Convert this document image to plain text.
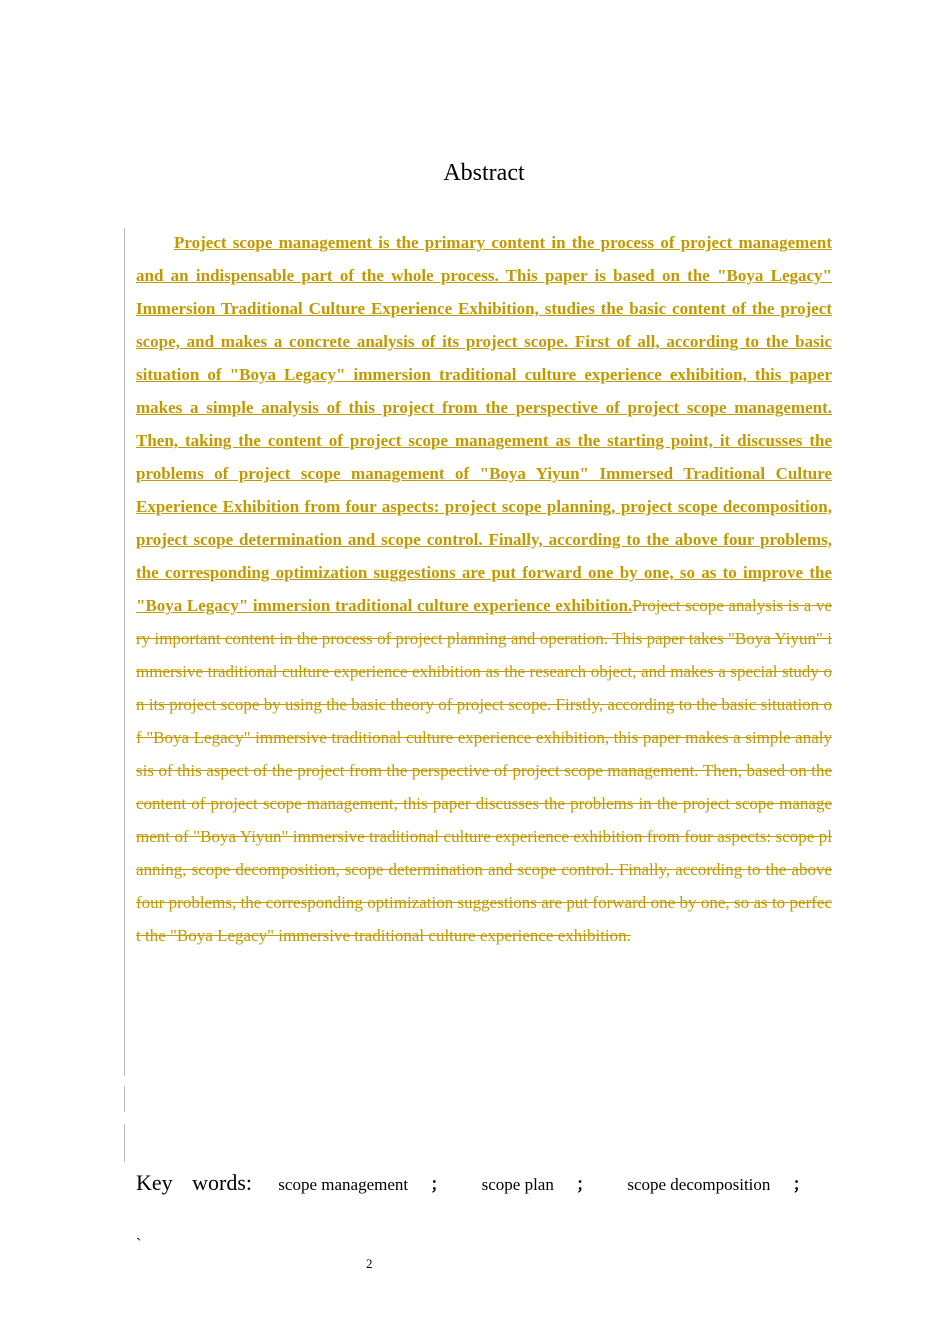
Abstract

Project scope management is the primary content in the process of project management and an indispensable part of the whole process. This paper is based on the "Boya Legacy" Immersion Traditional Culture Experience Exhibition, studies the basic content of the project scope, and makes a concrete analysis of its project scope. First of all, according to the basic situation of "Boya Legacy" immersion traditional culture experience exhibition, this paper makes a simple analysis of this project from the perspective of project scope management. Then, taking the content of project scope management as the starting point, it discusses the problems of project scope management of "Boya Yiyun" Immersed Traditional Culture Experience Exhibition from four aspects: project scope planning, project scope decomposition, project scope determination and scope control. Finally, according to the above four problems, the corresponding optimization suggestions are put forward one by one, so as to improve the "Boya Legacy" immersion traditional culture experience exhibition.Project scope analysis is a very important content in the process of project planning and operation. This paper takes "Boya Yiyun" immersive traditional culture experience exhibition as the research object, and makes a special study on its project scope by using the basic theory of project scope. Firstly, according to the basic situation of "Boya Legacy" immersive traditional culture experience exhibition, this paper makes a simple analysis of this aspect of the project from the perspective of project scope management. Then, based on the content of project scope management, this paper discusses the problems in the project scope management of "Boya Yiyun" immersive traditional culture experience exhibition from four aspects: scope planning, scope decomposition, scope determination and scope control. Finally, according to the above four problems, the corresponding optimization suggestions are put forward one by one, so as to perfect the "Boya Legacy" immersive traditional culture experience exhibition.

Key words: scope management ； scope plan ； scope decomposition ；
`
2
